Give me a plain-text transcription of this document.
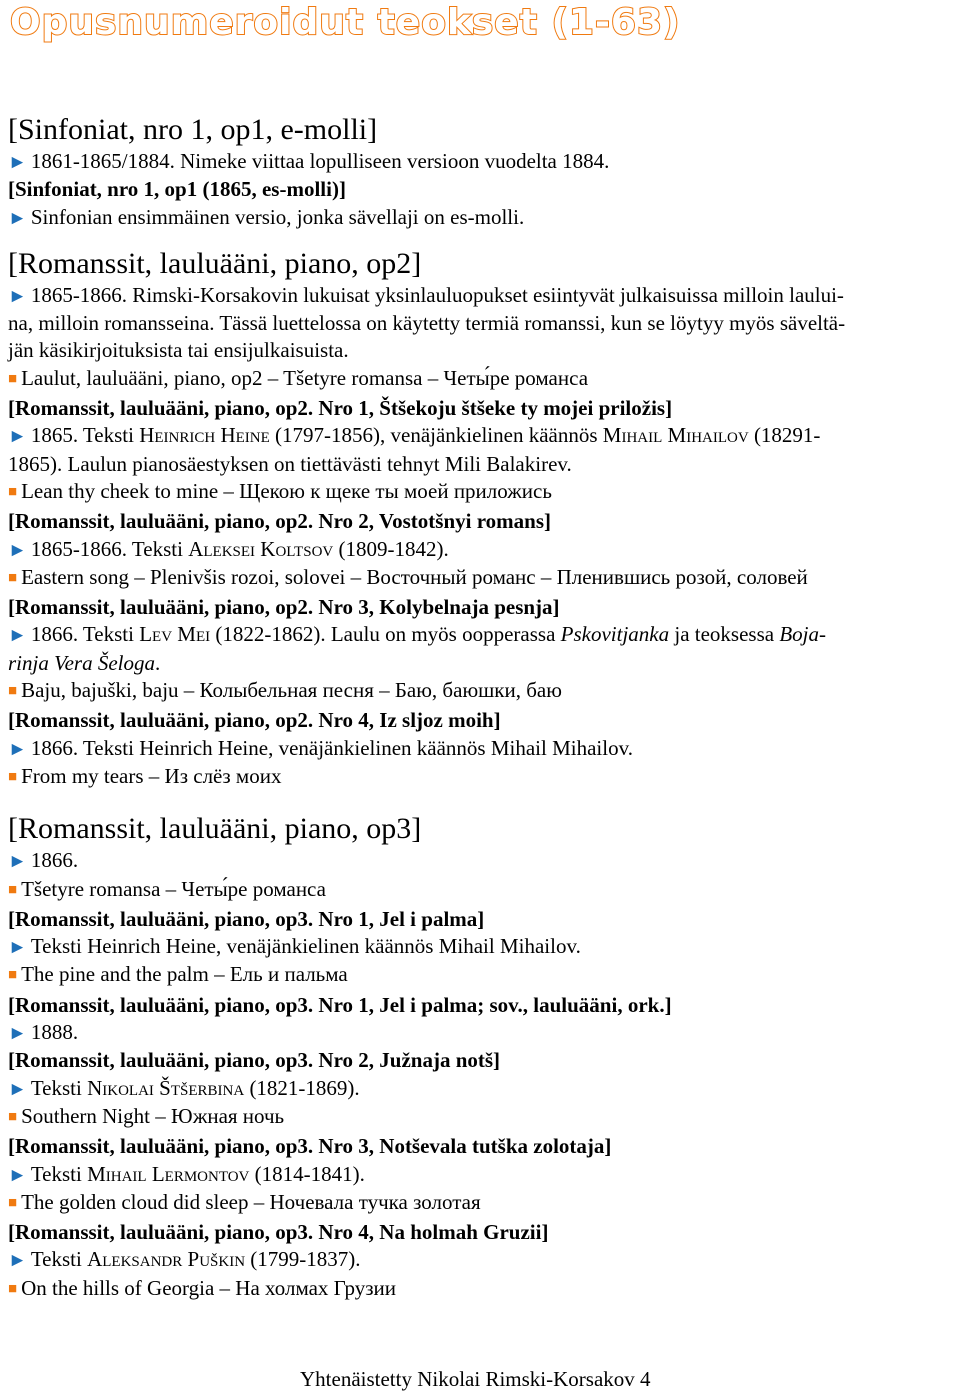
Opusnumeroidut teokset (1-63)

[Sinfoniat, nro 1, op1, e-molli]

► 1861-1865/1884. Nimeke viittaa lopulliseen versioon vuodelta 1884.

[Sinfoniat, nro 1, op1 (1865, es-molli)]

► Sinfonian ensimmäinen versio, jonka sävellaji on es-molli.

[Romanssit, lauluääni, piano, op2]

► 1865-1866. Rimski-Korsakovin lukuisat yksinlauluopukset esiintyvät julkaisuissa milloin laului-

na, milloin romansseina. Tässä luettelossa on käytetty termiä romanssi, kun se löytyy myös säveltä-

jän käsikirjoituksista tai ensijulkaisuista.

■ Laulut, lauluääni, piano, op2 – Tšetyre romansa – Четы́ре романса

[Romanssit, lauluääni, piano, op2. Nro 1, Štšekoju štšeke ty mojei priložis]

► 1865. Teksti Heinrich Heine (1797-1856), venäjänkielinen käännös Mihail Mihailov (18291-

1865). Laulun pianosäestyksen on tiettävästi tehnyt Mili Balakirev.

■ Lean thy cheek to mine – Щекою к щеке ты моей приложись

[Romanssit, lauluääni, piano, op2. Nro 2, Vostotšnyi romans]

► 1865-1866. Teksti Aleksei Koltsov (1809-1842).

■ Eastern song – Plenivšis rozoi, solovei – Восточный романс – Пленившись розой, соловей

[Romanssit, lauluääni, piano, op2. Nro 3, Kolybelnaja pesnja]

► 1866. Teksti Lev Mei (1822-1862). Laulu on myös oopperassa Pskovitjanka ja teoksessa Boja-

rinja Vera Šeloga.

■ Baju, bajuški, baju – Колыбельная песня – Баю, баюшки, баю

[Romanssit, lauluääni, piano, op2. Nro 4, Iz sljoz moih]

► 1866. Teksti Heinrich Heine, venäjänkielinen käännös Mihail Mihailov.

■ From my tears – Из слёз моих

[Romanssit, lauluääni, piano, op3]

► 1866.

■ Tšetyre romansa – Четы́ре романса

[Romanssit, lauluääni, piano, op3. Nro 1, Jel i palma]

► Teksti Heinrich Heine, venäjänkielinen käännös Mihail Mihailov.

■ The pine and the palm – Ель и пальма

[Romanssit, lauluääni, piano, op3. Nro 1, Jel i palma; sov., lauluääni, ork.]

► 1888.

[Romanssit, lauluääni, piano, op3. Nro 2, Južnaja notš]

► Teksti Nikolai Štšerbina (1821-1869).

■ Southern Night – Южная ночь

[Romanssit, lauluääni, piano, op3. Nro 3, Notševala tutška zolotaja]

► Teksti Mihail Lermontov (1814-1841).

■ The golden cloud did sleep – Ночевала тучка золотая

[Romanssit, lauluääni, piano, op3. Nro 4, Na holmah Gruzii]

► Teksti Aleksandr Puškin (1799-1837).

■ On the hills of Georgia – На холмах Грузии

Yhtenäistetty Nikolai Rimski-Korsakov 4
